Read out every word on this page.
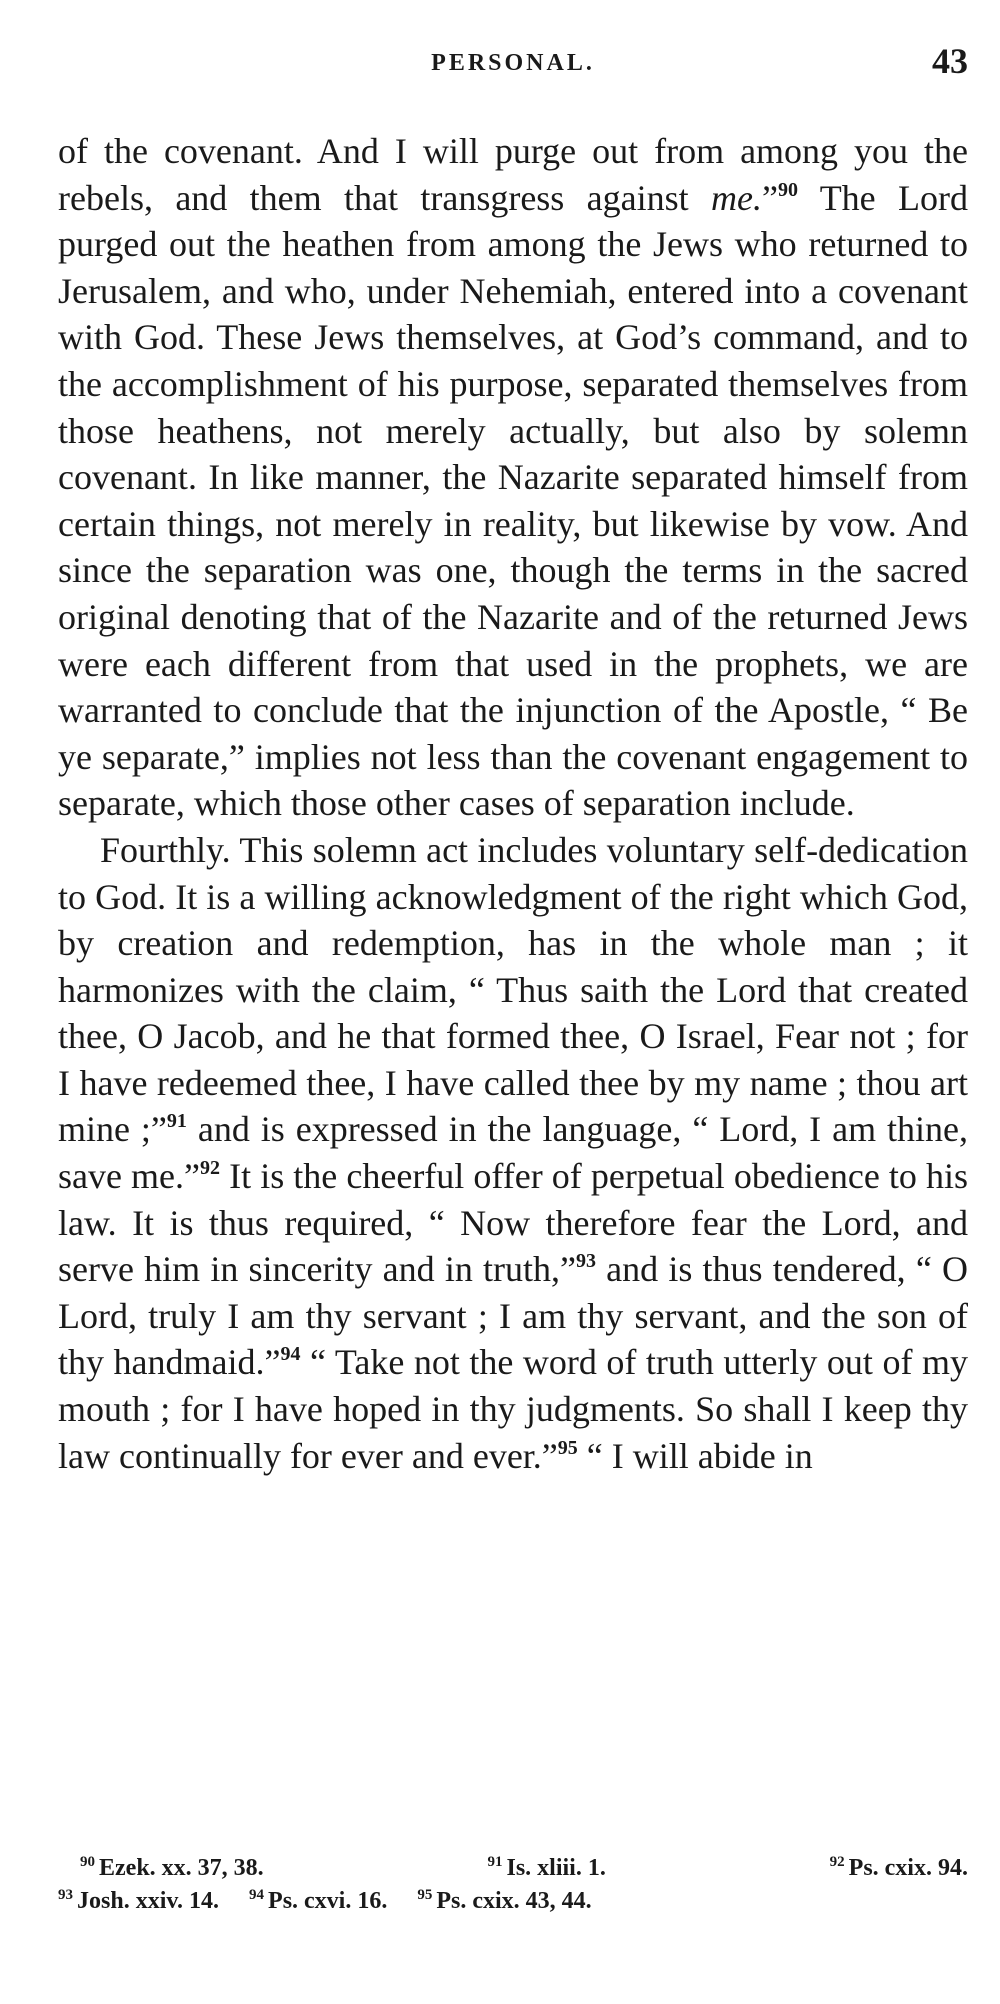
PERSONAL.	43

of the covenant. And I will purge out from among you the rebels, and them that transgress against me.”$^{90}$ The Lord purged out the heathen from among the Jews who returned to Jerusalem, and who, under Nehemiah, entered into a covenant with God. These Jews themselves, at God’s command, and to the accomplishment of his purpose, separated themselves from those heathens, not merely actually, but also by solemn covenant. In like manner, the Nazarite separated himself from certain things, not merely in reality, but likewise by vow. And since the separation was one, though the terms in the sacred original denoting that of the Nazarite and of the returned Jews were each different from that used in the prophets, we are warranted to conclude that the injunction of the Apostle, “ Be ye separate,” implies not less than the covenant engagement to separate, which those other cases of separation include.

Fourthly. This solemn act includes voluntary self-dedication to God. It is a willing acknowledgment of the right which God, by creation and redemption, has in the whole man ; it harmonizes with the claim, “ Thus saith the Lord that created thee, O Jacob, and he that formed thee, O Israel, Fear not ; for I have redeemed thee, I have called thee by my name ; thou art mine ;”$^{91}$ and is expressed in the language, “ Lord, I am thine, save me.”$^{92}$ It is the cheerful offer of perpetual obedience to his law. It is thus required, “ Now therefore fear the Lord, and serve him in sincerity and in truth,”$^{93}$ and is thus tendered, “ O Lord, truly I am thy servant ; I am thy servant, and the son of thy handmaid.”$^{94}$ “ Take not the word of truth utterly out of my mouth ; for I have hoped in thy judgments. So shall I keep thy law continually for ever and ever.”$^{95}$ “ I will abide in

$^{90}$ Ezek. xx. 37, 38.	$^{91}$ Is. xliii. 1.	$^{92}$ Ps. cxix. 94.
$^{93}$ Josh. xxiv. 14. $^{94}$ Ps. cxvi. 16. $^{95}$ Ps. cxix. 43, 44.
